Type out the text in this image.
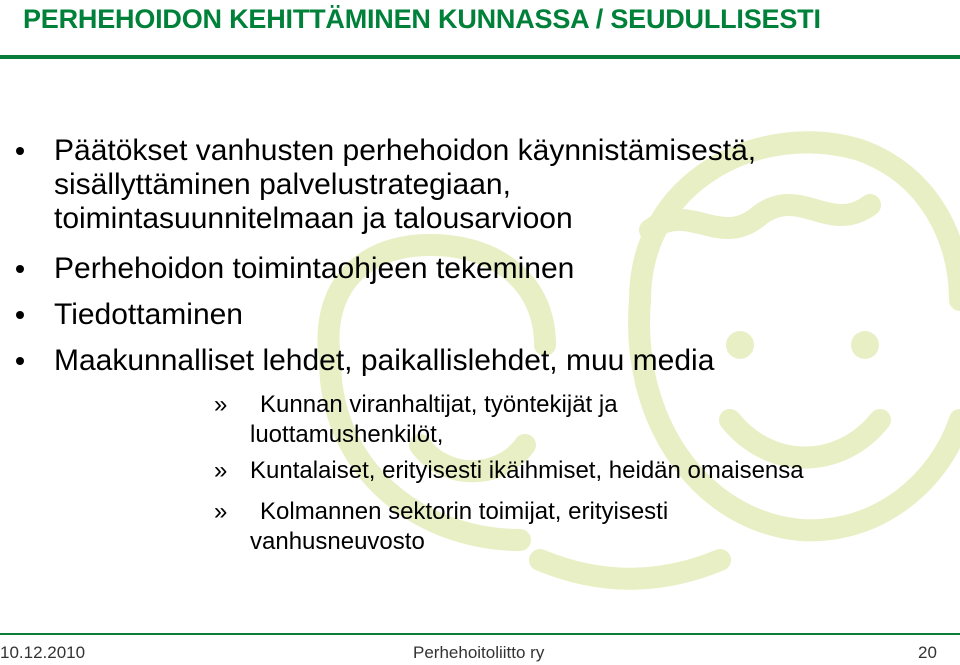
PERHEHOIDON KEHITTÄMINEN KUNNASSA / SEUDULLISESTI
Päätökset vanhusten perhehoidon käynnistämisestä,
sisällyttäminen palvelustrategiaan,
toimintasuunnitelmaan ja talousarvioon
Perhehoidon toimintaohjeen tekeminen
Tiedottaminen
Maakunnalliset lehdet, paikallislehdet, muu media
»	Kunnan viranhaltijat, työntekijät ja
luottamushenkilöt,
» Kuntalaiset, erityisesti ikäihmiset, heidän omaisensa
»	Kolmannen sektorin toimijat, erityisesti
vanhusneuvosto
10.12.2010	Perhehoitoliitto ry	20
